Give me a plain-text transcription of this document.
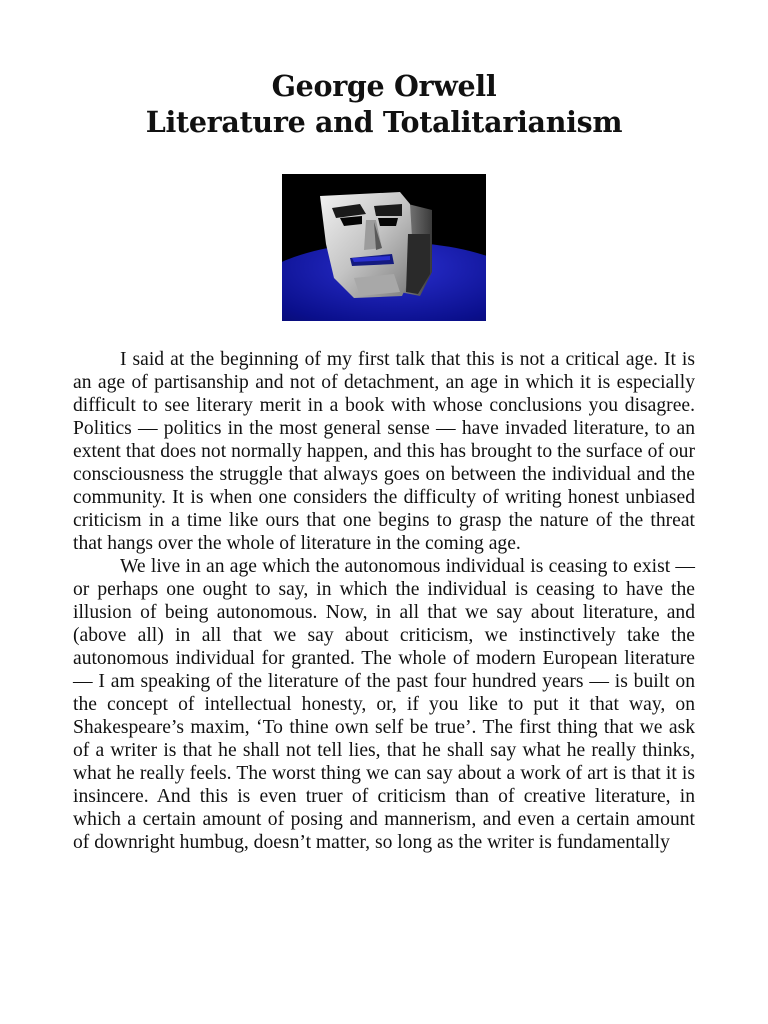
George Orwell
Literature and Totalitarianism

I said at the beginning of my first talk that this is not a critical age. It is an age of partisanship and not of detachment, an age in which it is especially difficult to see literary merit in a book with whose conclusions you disagree. Politics — politics in the most general sense — have invaded literature, to an extent that does not normally happen, and this has brought to the surface of our consciousness the struggle that always goes on between the individual and the community. It is when one considers the difficulty of writing honest unbiased criticism in a time like ours that one begins to grasp the nature of the threat that hangs over the whole of literature in the coming age.

We live in an age which the autonomous individual is ceasing to exist — or perhaps one ought to say, in which the individual is ceasing to have the illusion of being autonomous. Now, in all that we say about literature, and (above all) in all that we say about criticism, we instinctively take the autonomous individual for granted. The whole of modern European literature — I am speaking of the literature of the past four hundred years — is built on the concept of intellectual honesty, or, if you like to put it that way, on Shakespeare’s maxim, ‘To thine own self be true’. The first thing that we ask of a writer is that he shall not tell lies, that he shall say what he really thinks, what he really feels. The worst thing we can say about a work of art is that it is insincere. And this is even truer of criticism than of creative literature, in which a certain amount of posing and mannerism, and even a certain amount of downright humbug, doesn’t matter, so long as the writer is fundamentally
